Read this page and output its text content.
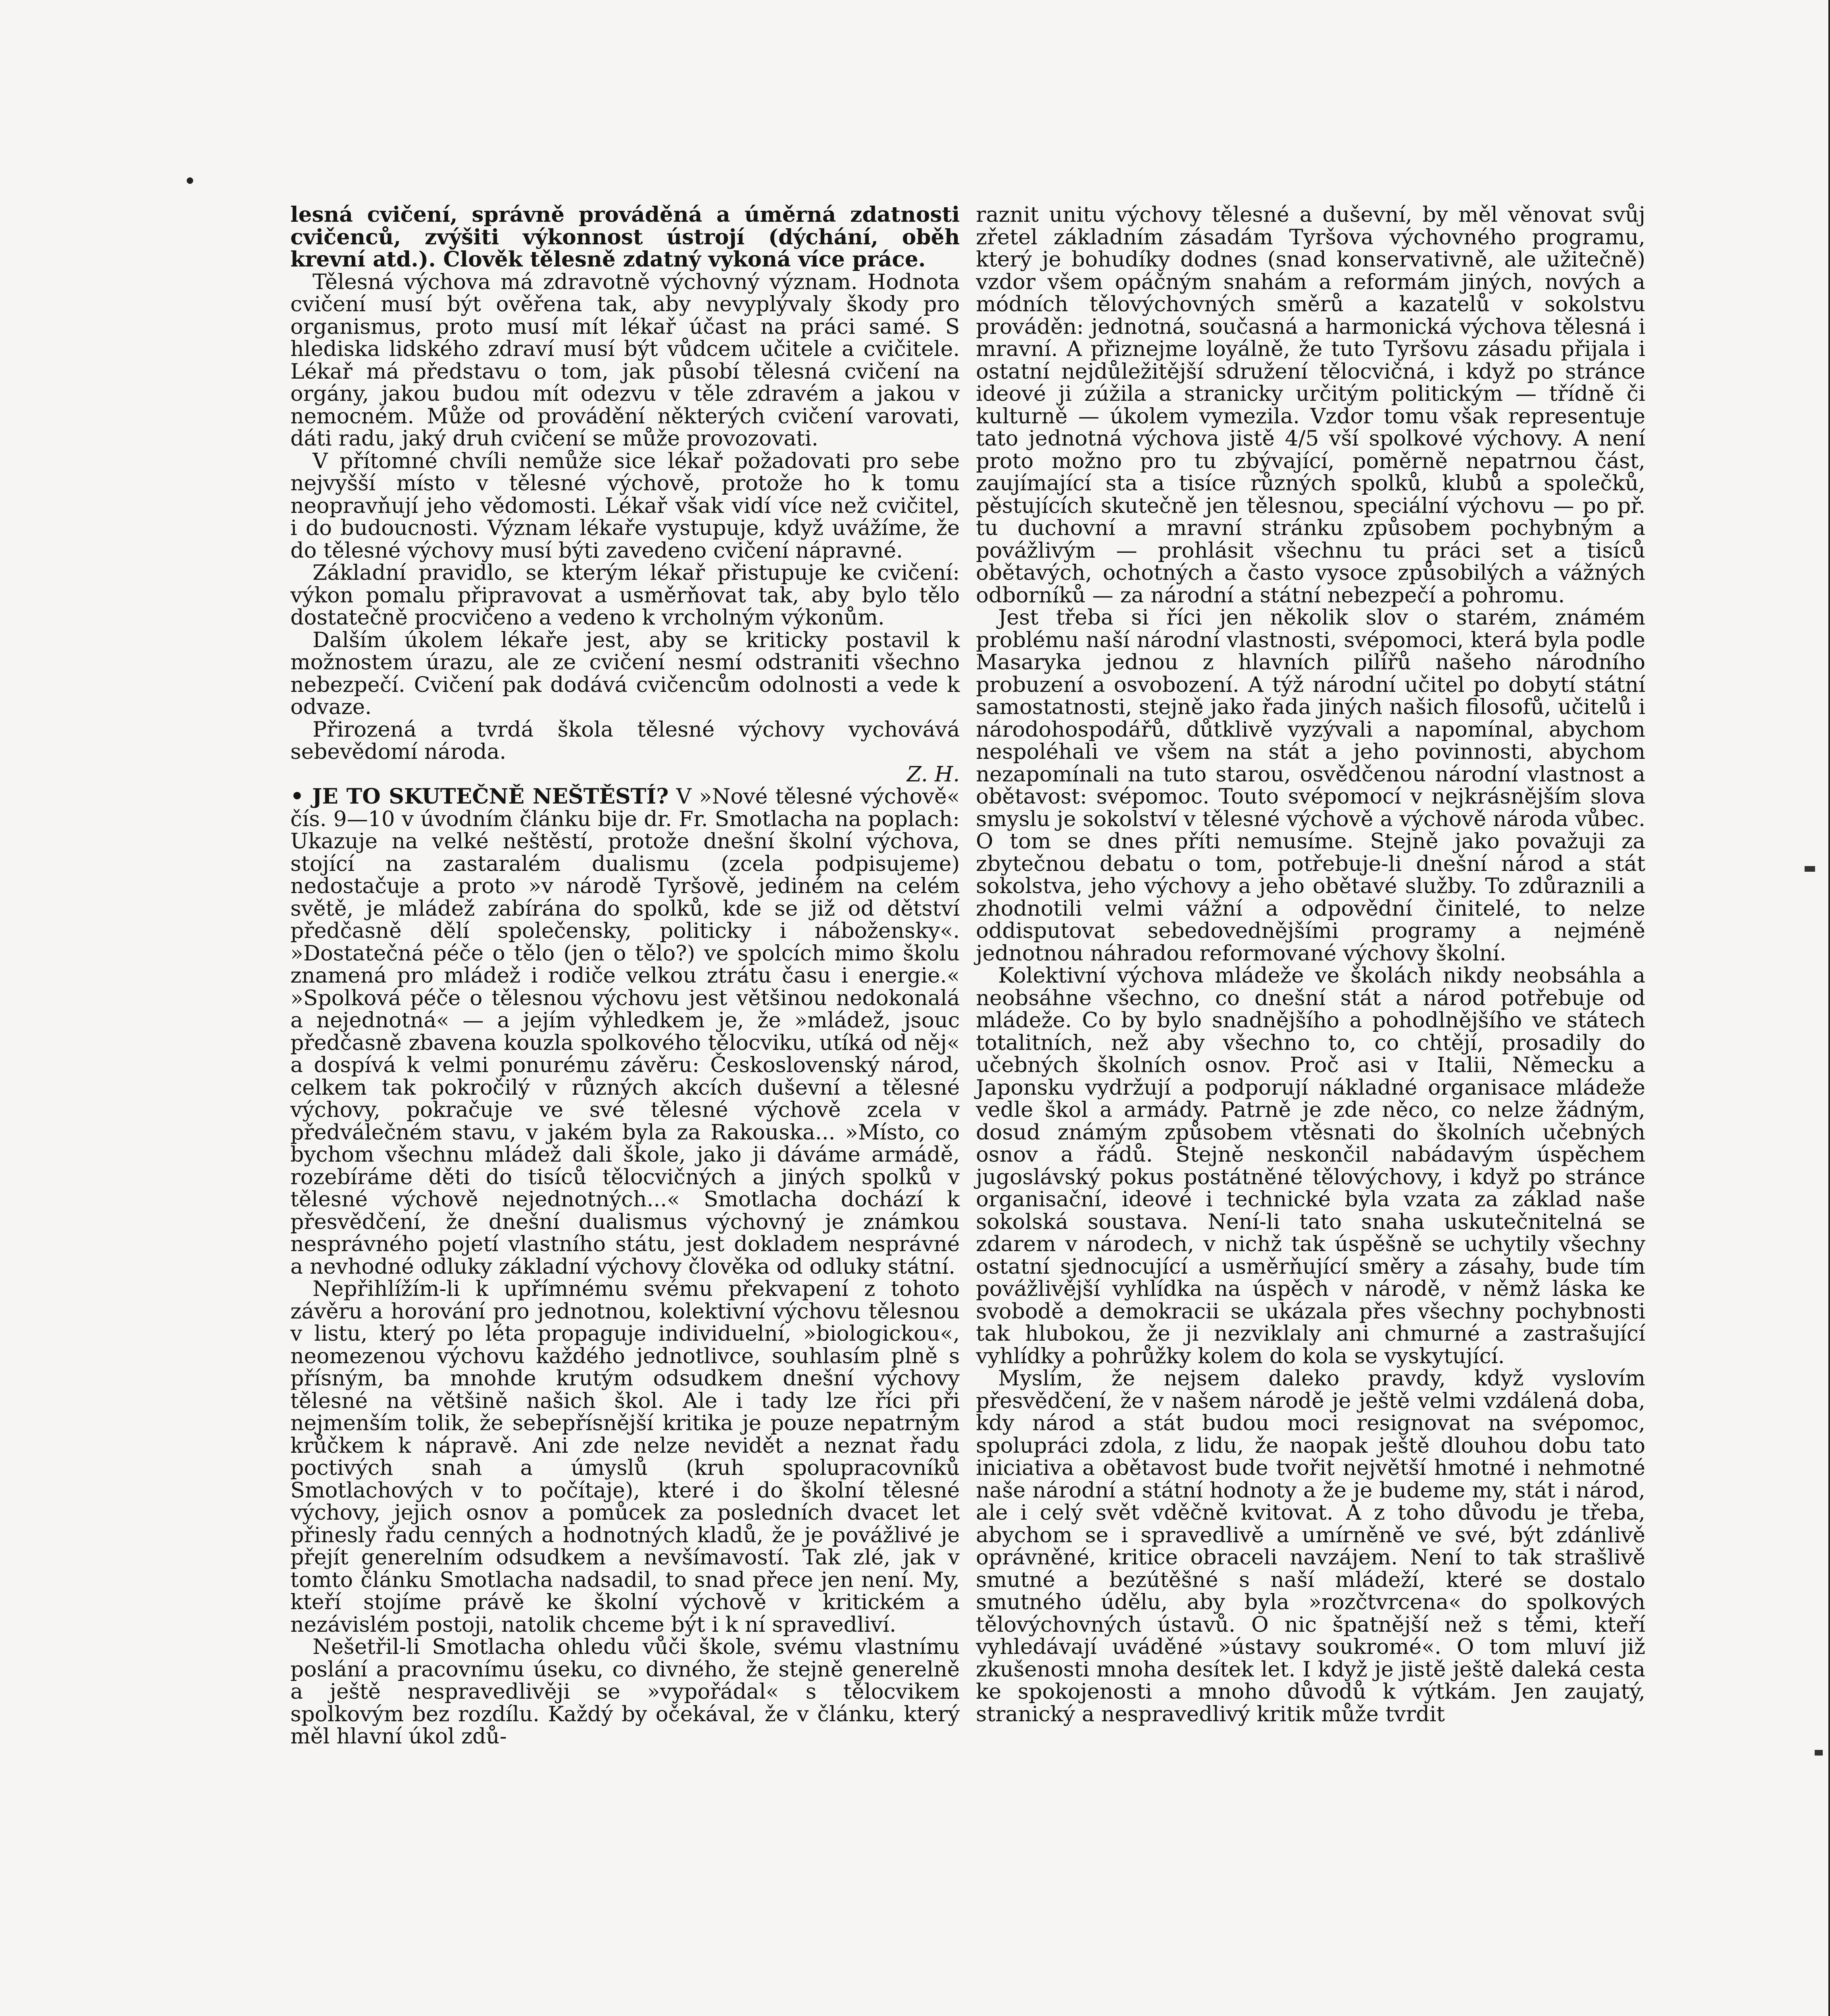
lesná cvičení, správně prováděná a úměrná zdatnosti cvičenců, zvýšiti výkonnost ústrojí (dýchání, oběh krevní atd.). Člověk tělesně zdatný vykoná více práce.

Tělesná výchova má zdravotně výchovný význam. Hodnota cvičení musí být ověřena tak, aby nevyplývaly škody pro organismus, proto musí mít lékař účast na práci samé. S hlediska lidského zdraví musí být vůdcem učitele a cvičitele. Lékař má představu o tom, jak působí tělesná cvičení na orgány, jakou budou mít odezvu v těle zdravém a jakou v nemocném. Může od provádění některých cvičení varovati, dáti radu, jaký druh cvičení se může provozovati.

V přítomné chvíli nemůže sice lékař požadovati pro sebe nejvyšší místo v tělesné výchově, protože ho k tomu neopravňují jeho vědomosti. Lékař však vidí více než cvičitel, i do budoucnosti. Význam lékaře vystupuje, když uvážíme, že do tělesné výchovy musí býti zavedeno cvičení nápravné.

Základní pravidlo, se kterým lékař přistupuje ke cvičení: výkon pomalu připravovat a usměrňovat tak, aby bylo tělo dostatečně procvičeno a vedeno k vrcholným výkonům.

Dalším úkolem lékaře jest, aby se kriticky postavil k možnostem úrazu, ale ze cvičení nesmí odstraniti všechno nebezpečí. Cvičení pak dodává cvičencům odolnosti a vede k odvaze.

Přirozená a tvrdá škola tělesné výchovy vychovává sebevědomí národa.
Z. H.

• JE TO SKUTEČNĚ NEŠTĚSTÍ? V »Nové tělesné výchově« čís. 9—10 v úvodním článku bije dr. Fr. Smotlacha na poplach: Ukazuje na velké neštěstí, protože dnešní školní výchova, stojící na zastaralém dualismu (zcela podpisujeme) nedostačuje a proto »v národě Tyršově, jediném na celém světě, je mládež zabírána do spolků, kde se již od dětství předčasně dělí společensky, politicky i nábožensky«. »Dostatečná péče o tělo (jen o tělo?) ve spolcích mimo školu znamená pro mládež i rodiče velkou ztrátu času i energie.« »Spolková péče o tělesnou výchovu jest většinou nedokonalá a nejednotná« — a jejím výhledkem je, že »mládež, jsouc předčasně zbavena kouzla spolkového tělocviku, utíká od něj« a dospívá k velmi ponurému závěru: Československý národ, celkem tak pokročilý v různých akcích duševní a tělesné výchovy, pokračuje ve své tělesné výchově zcela v předválečném stavu, v jakém byla za Rakouska... »Místo, co bychom všechnu mládež dali škole, jako ji dáváme armádě, rozebíráme děti do tisíců tělocvičných a jiných spolků v tělesné výchově nejednotných...« Smotlacha dochází k přesvědčení, že dnešní dualismus výchovný je známkou nesprávného pojetí vlastního státu, jest dokladem nesprávné a nevhodné odluky základní výchovy člověka od odluky státní.

Nepřihlížím-li k upřímnému svému překvapení z tohoto závěru a horování pro jednotnou, kolektivní výchovu tělesnou v listu, který po léta propaguje individuelní, »biologickou«, neomezenou výchovu každého jednotlivce, souhlasím plně s přísným, ba mnohde krutým odsudkem dnešní výchovy tělesné na většině našich škol. Ale i tady lze říci při nejmenším tolik, že sebepřísnější kritika je pouze nepatrným krůčkem k nápravě. Ani zde nelze nevidět a neznat řadu poctivých snah a úmyslů (kruh spolupracovníků Smotlachových v to počítaje), které i do školní tělesné výchovy, jejich osnov a pomůcek za posledních dvacet let přinesly řadu cenných a hodnotných kladů, že je povážlivé je přejít generelním odsudkem a nevšímavostí. Tak zlé, jak v tomto článku Smotlacha nadsadil, to snad přece jen není. My, kteří stojíme právě ke školní výchově v kritickém a nezávislém postoji, natolik chceme být i k ní spravedliví.

Nešetřil-li Smotlacha ohledu vůči škole, svému vlastnímu poslání a pracovnímu úseku, co divného, že stejně generelně a ještě nespravedlivěji se »vypořádal« s tělocvikem spolkovým bez rozdílu. Každý by očekával, že v článku, který měl hlavní úkol zdů-

raznit unitu výchovy tělesné a duševní, by měl věnovat svůj zřetel základním zásadám Tyršova výchovného programu, který je bohudíky dodnes (snad konservativně, ale užitečně) vzdor všem opáčným snahám a reformám jiných, nových a módních tělovýchovných směrů a kazatelů v sokolstvu prováděn: jednotná, současná a harmonická výchova tělesná i mravní. A přiznejme loyálně, že tuto Tyršovu zásadu přijala i ostatní nejdůležitější sdružení tělocvičná, i když po stránce ideové ji zúžila a stranicky určitým politickým — třídně či kulturně — úkolem vymezila. Vzdor tomu však representuje tato jednotná výchova jistě 4/5 vší spolkové výchovy. A není proto možno pro tu zbývající, poměrně nepatrnou část, zaujímající sta a tisíce různých spolků, klubů a společků, pěstujících skutečně jen tělesnou, speciální výchovu — po př. tu duchovní a mravní stránku způsobem pochybným a povážlivým — prohlásit všechnu tu práci set a tisíců obětavých, ochotných a často vysoce způsobilých a vážných odborníků — za národní a státní nebezpečí a pohromu.

Jest třeba si říci jen několik slov o starém, známém problému naší národní vlastnosti, svépomoci, která byla podle Masaryka jednou z hlavních pilířů našeho národního probuzení a osvobození. A týž národní učitel po dobytí státní samostatnosti, stejně jako řada jiných našich filosofů, učitelů i národohospodářů, důtklivě vyzývali a napomínal, abychom nespoléhali ve všem na stát a jeho povinnosti, abychom nezapomínali na tuto starou, osvědčenou národní vlastnost a obětavost: svépomoc. Touto svépomocí v nejkrásnějším slova smyslu je sokolství v tělesné výchově a výchově národa vůbec. O tom se dnes příti nemusíme. Stejně jako považuji za zbytečnou debatu o tom, potřebuje-li dnešní národ a stát sokolstva, jeho výchovy a jeho obětavé služby. To zdůraznili a zhodnotili velmi vážní a odpovědní činitelé, to nelze oddisputovat sebedovednějšími programy a nejméně jednotnou náhradou reformované výchovy školní.

Kolektivní výchova mládeže ve školách nikdy neobsáhla a neobsáhne všechno, co dnešní stát a národ potřebuje od mládeže. Co by bylo snadnějšího a pohodlnějšího ve státech totalitních, než aby všechno to, co chtějí, prosadily do učebných školních osnov. Proč asi v Italii, Německu a Japonsku vydržují a podporují nákladné organisace mládeže vedle škol a armády. Patrně je zde něco, co nelze žádným, dosud známým způsobem vtěsnati do školních učebných osnov a řádů. Stejně neskončil nabádavým úspěchem jugoslávský pokus postátněné tělovýchovy, i když po stránce organisační, ideové i technické byla vzata za základ naše sokolská soustava. Není-li tato snaha uskutečnitelná se zdarem v národech, v nichž tak úspěšně se uchytily všechny ostatní sjednocující a usměrňující směry a zásahy, bude tím povážlivější vyhlídka na úspěch v národě, v němž láska ke svobodě a demokracii se ukázala přes všechny pochybnosti tak hlubokou, že ji nezviklaly ani chmurné a zastrašující vyhlídky a pohrůžky kolem do kola se vyskytující.

Myslím, že nejsem daleko pravdy, když vyslovím přesvědčení, že v našem národě je ještě velmi vzdálená doba, kdy národ a stát budou moci resignovat na svépomoc, spolupráci zdola, z lidu, že naopak ještě dlouhou dobu tato iniciativa a obětavost bude tvořit největší hmotné i nehmotné naše národní a státní hodnoty a že je budeme my, stát i národ, ale i celý svět vděčně kvitovat. A z toho důvodu je třeba, abychom se i spravedlivě a umírněně ve své, být zdánlivě oprávněné, kritice obraceli navzájem. Není to tak strašlivě smutné a bezútěšné s naší mládeží, které se dostalo smutného údělu, aby byla »rozčtvrcena« do spolkových tělovýchovných ústavů. O nic špatnější než s těmi, kteří vyhledávají uváděné »ústavy soukromé«. O tom mluví již zkušenosti mnoha desítek let. I když je jistě ještě daleká cesta ke spokojenosti a mnoho důvodů k výtkám. Jen zaujatý, stranický a nespravedlivý kritik může tvrdit
